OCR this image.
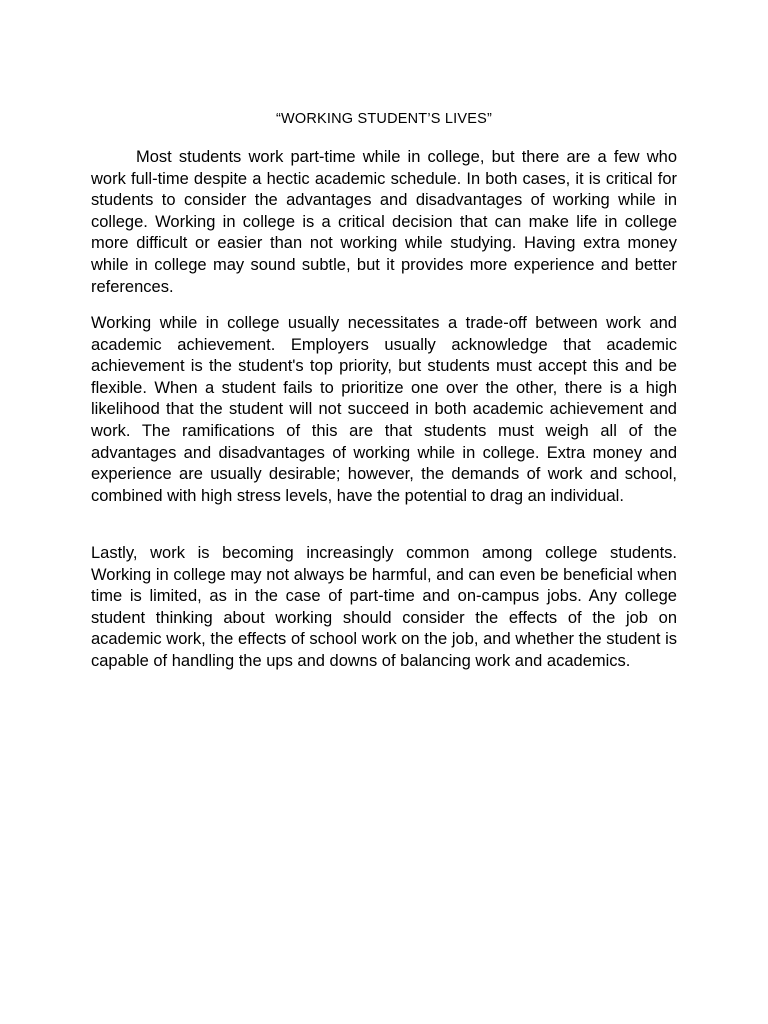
“WORKING STUDENT’S LIVES”

Most students work part-time while in college, but there are a few who work full-time despite a hectic academic schedule. In both cases, it is critical for students to consider the advantages and disadvantages of working while in college. Working in college is a critical decision that can make life in college more difficult or easier than not working while studying. Having extra money while in college may sound subtle, but it provides more experience and better references.

Working while in college usually necessitates a trade-off between work and academic achievement. Employers usually acknowledge that academic achievement is the student's top priority, but students must accept this and be flexible. When a student fails to prioritize one over the other, there is a high likelihood that the student will not succeed in both academic achievement and work. The ramifications of this are that students must weigh all of the advantages and disadvantages of working while in college. Extra money and experience are usually desirable; however, the demands of work and school, combined with high stress levels, have the potential to drag an individual.

Lastly, work is becoming increasingly common among college students. Working in college may not always be harmful, and can even be beneficial when time is limited, as in the case of part-time and on-campus jobs. Any college student thinking about working should consider the effects of the job on academic work, the effects of school work on the job, and whether the student is capable of handling the ups and downs of balancing work and academics.
